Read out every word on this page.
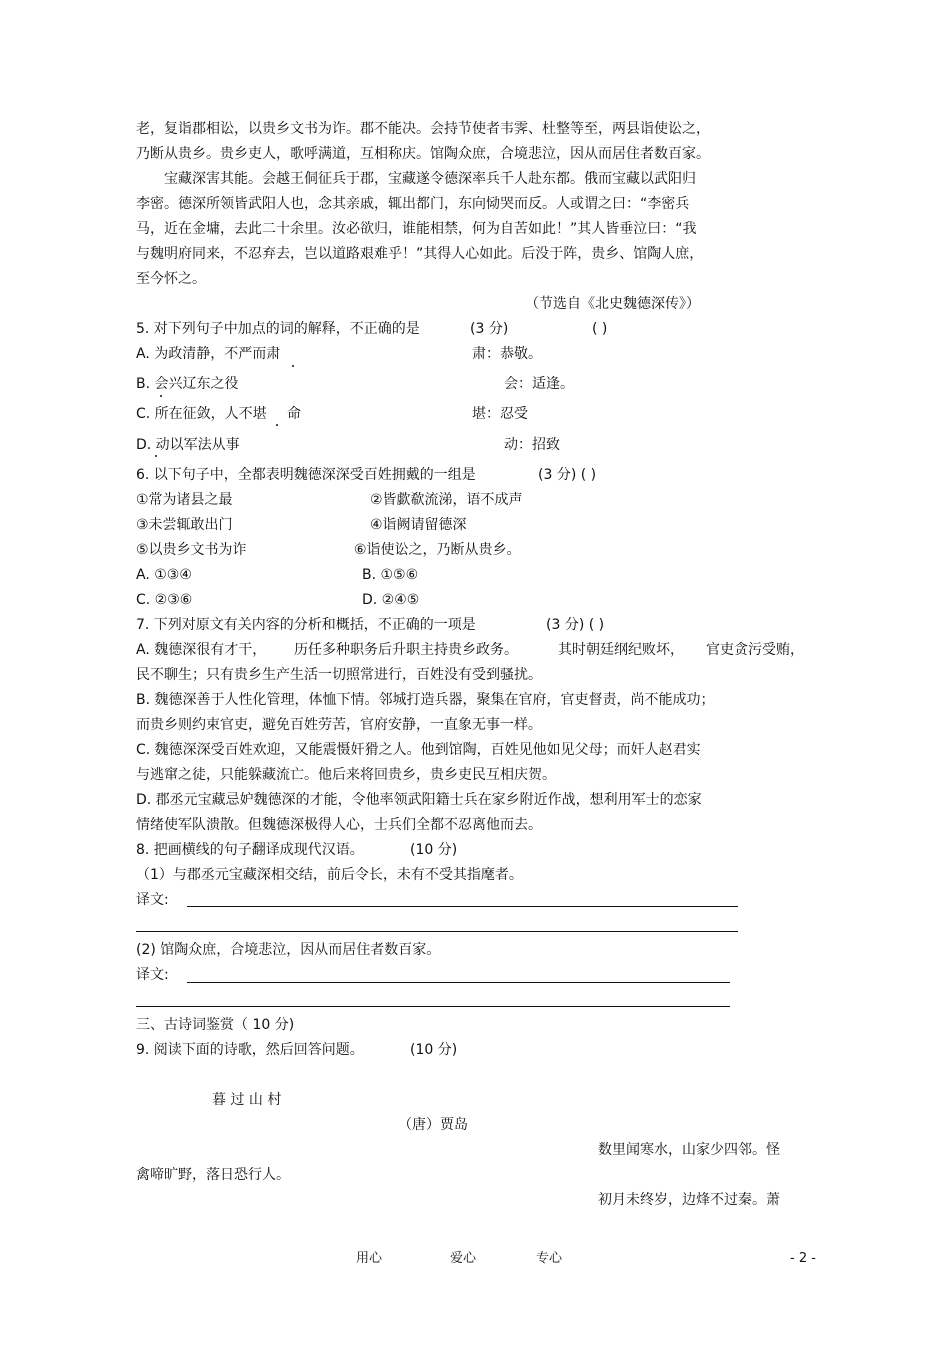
老，复诣郡相讼，以贵乡文书为诈。郡不能决。会持节使者韦霁、杜整等至，两县诣使讼之，
乃断从贵乡。贵乡吏人，歌呼满道，互相称庆。馆陶众庶，合境悲泣，因从而居住者数百家。
宝藏深害其能。会越王侗征兵于郡，宝藏遂令德深率兵千人赴东都。俄而宝藏以武阳归
李密。德深所领皆武阳人也，念其亲戚，辄出都门，东向恸哭而反。人或谓之曰：“李密兵
马，近在金墉，去此二十余里。汝必欲归，谁能相禁，何为自苦如此！”其人皆垂泣曰：“我
与魏明府同来，不忍弃去，岂以道路艰难乎！”其得人心如此。后没于阵，贵乡、馆陶人庶，
至今怀之。
（节选自《北史魏德深传》）
5. 对下列句子中加点的词的解释，不正确的是	(3 分)	( )
A. 为政清静，不严而肃	肃：恭敬。
B. 会兴辽东之役	会：适逢。
C. 所在征敛，人不堪 命	堪：忍受
D. 动以军法从事	动：招致
6. 以下句子中，全都表明魏德深深受百姓拥戴的一组是	(3 分) ( )
①常为诸县之最	②皆歔欷流涕，语不成声
③未尝辄敢出门	④诣阙请留德深
⑤以贵乡文书为诈	⑥诣使讼之，乃断从贵乡。
A. ①③④	B. ①⑤⑥
C. ②③⑥	D. ②④⑤
7. 下列对原文有关内容的分析和概括，不正确的一项是	(3 分) ( )
A. 魏德深很有才干， 历任多种职务后升职主持贵乡政务。	其时朝廷纲纪败坏， 官吏贪污受贿，
民不聊生；只有贵乡生产生活一切照常进行，百姓没有受到骚扰。
B. 魏德深善于人性化管理，体恤下情。邻城打造兵器，聚集在官府，官吏督责，尚不能成功；
而贵乡则约束官吏，避免百姓劳苦，官府安静，一直象无事一样。
C. 魏德深深受百姓欢迎，又能震慑奸猾之人。他到馆陶，百姓见他如见父母；而奸人赵君实
与逃窜之徒，只能躲藏流亡。他后来将回贵乡，贵乡吏民互相庆贺。
D. 郡丞元宝藏忌妒魏德深的才能，令他率领武阳籍士兵在家乡附近作战，想利用军士的恋家
情绪使军队溃散。但魏德深极得人心，士兵们全都不忍离他而去。
8. 把画横线的句子翻译成现代汉语。	(10 分)
（1）与郡丞元宝藏深相交结，前后令长，未有不受其指麾者。
译文:
(2) 馆陶众庶，合境悲泣，因从而居住者数百家。
译文:
三、古诗词鉴赏（ 10 分)
9. 阅读下面的诗歌，然后回答问题。	(10 分)
暮 过 山 村
（唐）贾岛
数里闻寒水，山家少四邻。怪
禽啼旷野，落日恐行人。
初月未终岁，边烽不过秦。萧
用心	爱心	专心	- 2 -
